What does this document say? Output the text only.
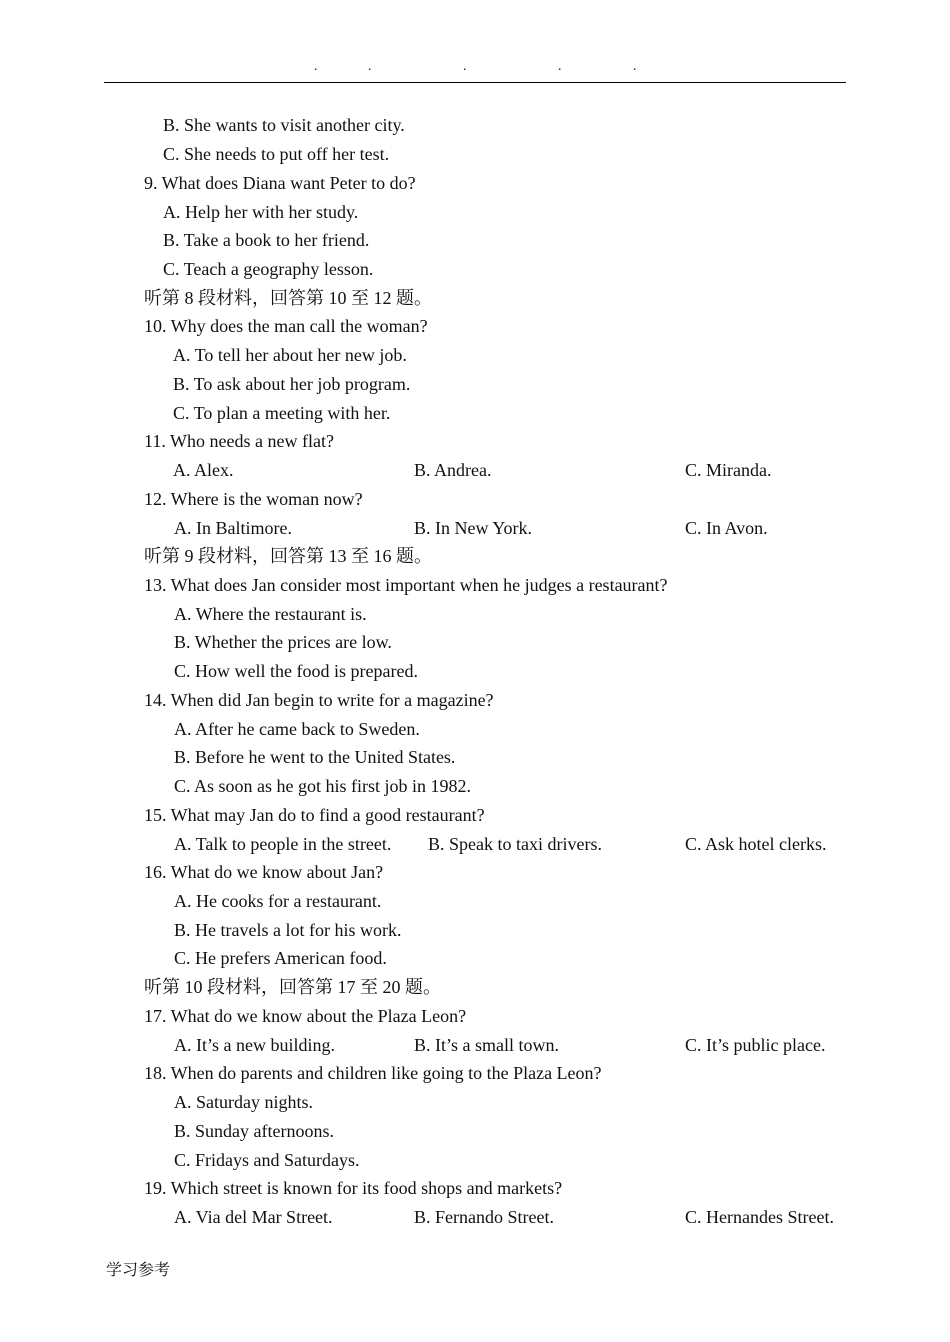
.	.	.	.	.
B. She wants to visit another city.
C. She needs to put off her test.
9. What does Diana want Peter to do?
A. Help her with her study.
B. Take a book to her friend.
C. Teach a geography lesson.
听第 8 段材料，回答第 10 至 12 题。
10. Why does the man call the woman?
A. To tell her about her new job.
B. To ask about her job program.
C. To plan a meeting with her.
11. Who needs a new flat?
A. Alex.	B. Andrea.	C. Miranda.
12. Where is the woman now?
A. In Baltimore.	B. In New York.	C. In Avon.
听第 9 段材料，回答第 13 至 16 题。
13. What does Jan consider most important when he judges a restaurant?
A. Where the restaurant is.
B. Whether the prices are low.
C. How well the food is prepared.
14. When did Jan begin to write for a magazine?
A. After he came back to Sweden.
B. Before he went to the United States.
C. As soon as he got his first job in 1982.
15. What may Jan do to find a good restaurant?
A. Talk to people in the street. B. Speak to taxi drivers.	C. Ask hotel clerks.
16. What do we know about Jan?
A. He cooks for a restaurant.
B. He travels a lot for his work.
C. He prefers American food.
听第 10 段材料，回答第 17 至 20 题。
17. What do we know about the Plaza Leon?
A. It’s a new building.	B. It’s a small town.	C. It’s public place.
18. When do parents and children like going to the Plaza Leon?
A. Saturday nights.
B. Sunday afternoons.
C. Fridays and Saturdays.
19. Which street is known for its food shops and markets?
A. Via del Mar Street.	B. Fernando Street.	C. Hernandes Street.
学习参考
